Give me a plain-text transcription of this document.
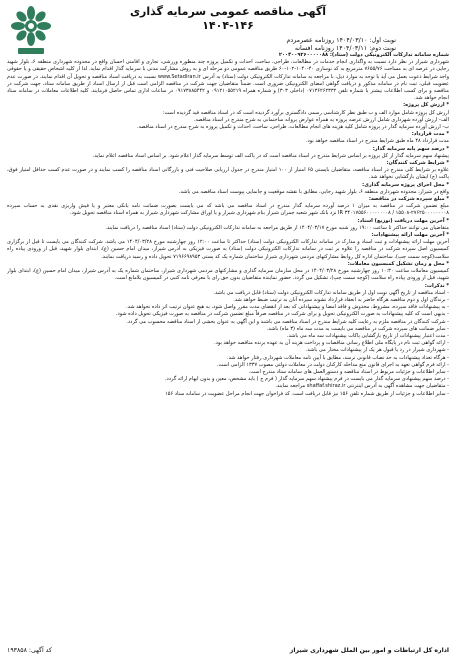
آگهی مناقصه عمومی سرمایه گذاری

۱۴۰۴-۱۴۶

نوبت اول: ۱۴۰۴/۰۳/۱۰ روزنامه عصرمردم
نوبت دوم: ۱۴۰۴/۰۳/۱۱ روزنامه افسانه

شماره سامانه تدارکات الکترونیکی دولت (ستاد): ۲۰۰۴۰۰۹۲۶۰۰۰۰۰۸۸

شهرداری شیراز در نظر دارد نسبت به واگذاری انجام خدمات در مطالعات، طراحی، ساخت، احداث و تکمیل پروژه چند منظوره ورزشی، تجاری و اقامتی احسان واقع در محدوده شهرداری منطقه ۶، بلوار شهید رجایی در عرصه ای به مساحت ۷۶۵۵/۷۶ مترمربع به کد نوسازی ۴۰-۱۰۴۰-۱۰۲-۶۰ طریق مناقصه عمومی دو مرحله ای و به روش مشارکت مدنی با سرمایه گذار اقدام نماید. لذا از کلیه اشخاص حقیقی و یا حقوقی واجد شرایط دعوت بعمل می آید با توجه به موارد ذیل، با مراجعه به سامانه تدارکات الکترونیکی دولت (ستاد) به آدرس www.Setadiran.ir نسبت به دریافت اسناد مناقصه و تحویل آن اقدام نمایند. در صورت عدم عضویت قبلی، ثبت نام در سامانه مذکور و دریافت گواهی امضای الکترونیکی ضروری است. ضمناً متقاضیان جهت شرکت در مناقصه الزامی است قبل از ارسال اسناد از طریق سامانه ستاد، جهت شرکت در مناقصه و برای کسب اطلاعات بیشتر با شماره تلفن ۰۷۱۳۶۲۶۲۳۳۲ (داخلی ۳۰۳) و شماره همراه ۰۹۱۲۱۰۵۵۲۱۹ و ۰۹۱۷۳۸۸۵۴۴۲ در ساعات اداری تماس حاصل فرمایند. کلیه اطلاعات معاملات در سامانه ستاد انجام خواهد شد.

* ارزش کل پروژه:

ارزش کل پروژه شامل موارد الف و ب طبق نظر کارشناسی رسمی دادگستری برآورد گردیده است که در اسناد مناقصه قید گردیده است:

الف- ارزش آورده شهرداری شامل ارزش عرصه پروژه به همراه عوارض پروانه ساختمانی به شرح مندرج در اسناد مناقصه.

ب- ارزش آورده سرمایه گذار در پروژه شامل کلیه هزینه های انجام مطالعات، طراحی، ساخت، احداث و تکمیل پروژه به شرح مندرج در اسناد مناقصه.

* مدت قرارداد:

مدت قرارداد ۴۸ ماه طبق شرایط مندرج در اسناد مناقصه خواهد بود.

* درصد سهم پایه سرمایه گذار:

پیشنهاد سهم سرمایه گذار از کل پروژه بر اساس شرایط مندرج در اسناد مناقصه است که در پاکت الف توسط سرمایه گذار اعلام شود. بر اساس اسناد مناقصه اعلام نماید.

* شرایط شرکت کنندگان:

علاوه بر شرایط کلی مندرج در اسناد مناقصه، متقاضیان بایستی ۶۵ امتیاز از ۱۰۰ امتیاز مندرج در جدول ارزیابی صلاحیت فنی و بازرگانی اسناد مناقصه را کسب نمایند و در صورت عدم کسب حداقل امتیاز فوق، پاکت (ج) ایشان بازگشایی نخواهد شد.

* محل اجرای پروژه سرمایه گذاری:

واقع در شیراز، محدوده شهرداری منطقه ۶، بلوار شهید رجایی، مطابق با نقشه موقعیت و جانمایی پیوست اسناد مناقصه می باشد.

* مبلغ سپرده شرکت در مناقصه:

مبلغ تضمین شرکت در مناقصه به میزان ۱ درصد آورده سرمایه گذار مندرج در اسناد مناقصه می باشد که می بایست بصورت ضمانت نامه بانکی معتبر و یا فیش واریزی نقدی به حساب سپرده ۲۷۶۲۵۰۰۰۰۰۰۰۰۸-۱۵۵۰۸ / IR ۳۴۰۱۷۵۵۶۰۰۰۰۰۰۰۰۸ نزد بانک شهر شعبه جمران شیراز بنام شهرداری شیراز و یا اوراق مشارکت شهرداری شیراز به همراه اسناد مناقصه تحویل شود.

* آخرین مهلت دریافت (توزیع) اسناد:

متقاضیان می توانند حداکثر تا ساعت ۱۹:۰۰ روز شنبه مورخ ۱۴۰۴/۰۳/۱۷ از طریق مراجعه به سامانه تدارکات الکترونیکی دولت (ستاد) اسناد مناقصه را دریافت نمایند.

* آخرین مهلت ارائه پیشنهادات:

آخرین مهلت ارائه پیشنهادات و ثبت اسناد و مدارک در سامانه تدارکات الکترونیکی دولت (ستاد) حداکثر تا ساعت ۱۲:۰۰ روز چهارشنبه مورخ ۱۴۰۴/۰۳/۲۸ می باشد. شرکت کنندگان می بایست تا قبل از برگزاری کمیسیون اصل سپرده شرکت در مناقصه را علاوه بر ثبت در سامانه تدارکات الکترونیکی دولت (ستاد) به صورت فیزیکی به آدرس شیراز، میدان امام حسین (ع)، ابتدای بلوار شهید، قبل از ورودی پیاده راه سلامت(کوچه سمت چپ)، ساختمان اداره کل روابط مشارکتهای مردمی شهرداری شیراز ساختمان شماره یک کد پستی ۷۱۹۶۶۹۸۹۵۳ تحویل داده و رسید دریافت نمایند.

* محل و زمان تشکیل کمیسیون معاملات:

کمیسیون معاملات ساعت ۱۰:۳۰ روز چهارشنبه مورخ ۱۴۰۴/۰۳/۲۸ در محل سازمان سرمایه گذاری و مشارکتهای مردمی شهرداری شیراز، ساختمان شماره یک به آدرس شیراز، میدان امام حسین (ع)، ابتدای بلوار شهید، قبل از ورودی پیاده راه سلامت (کوچه سمت چپ)، تشکیل می گردد. حضور نماینده متقاضیان بدون حق رای با معرفی نامه کتبی در کمیسیون بلامانع است.

* تذکرات:

- اسناد مناقصه از تاریخ آگهی نوبت اول از طریق سامانه تدارکات الکترونیکی دولت (ستاد) قابل دریافت می باشد.

- برندگان اول و دوم مناقصه هرگاه حاضر به انعقاد قرارداد نشوند سپرده آنان به ترتیب ضبط خواهد شد.

- به پیشنهادات فاقد سپرده، مشروط، مخدوش و فاقد امضا و پیشنهاداتی که بعد از انقضای مدت مقرر واصل شود، به هیچ عنوان ترتیب اثر داده نخواهد شد.

- بدیهی است که کلیه پیشنهادات به صورت الکترونیکی تحویل و برای شرکت در مناقصه صرفاً مبلغ تضمین شرکت در مناقصه به صورت فیزیکی تحویل داده شود.

- شرکت کنندگان در مناقصه ملزم به رعایت کلیه شرایط مندرج در اسناد مناقصه می باشند و این آگهی به عنوان بخشی از اسناد مناقصه محسوب می گردد.

- سایر ضمانت های سپرده شرکت در مناقصه می بایست به مدت سه ماه (۳ ماه) باشد.

- مدت اعتبار پیشنهادات از تاریخ بازگشایی پاکات پیشنهادات سه ماه می باشد.

- ارائه گواهی ثبت نام در پایگاه ملی اطلاع رسانی مناقصات و پرداخت هزینه آن به عهده برنده مناقصه خواهد بود.

- شهرداری شیراز در رد یا قبول هر یک از پیشنهادات مختار می باشد.

- هرگاه تعداد پیشنهادات به حد نصاب قانونی نرسد، مطابق با آیین نامه معاملات شهرداری رفتار خواهد شد.

- ارائه فرم گواهی تعهد به اجرای قانون منع مداخله کارکنان دولت در معاملات دولتی مصوب ۱۳۳۷ الزامی است.

- سایر اطلاعات و جزئیات مربوط در اسناد مناقصه و دستورالعمل های سامانه ستاد مندرج است.

- درصد سهم پیشنهادی سرمایه گذار می بایست در فرم پیشنهاد سهم سرمایه گذار ( فرم ج ) باید مشخص، معین و بدون ابهام ارائه گردد.

- متقاضیان جهت مشاهده آگهی به آدرس اینترنتی shaffaf.shiraz.ir مراجعه نمایند.

- سایر اطلاعات و جزئیات از طریق شماره تلفن ۱۵۶ نیز قابل دریافت است. کد فراخوان جهت انجام مراحل عضویت در سامانه ستاد ۱۵۶

کد آگهی: ۱۹۳۸۵۸	اداره کل ارتباطات و امور بین الملل شهرداری شیراز
